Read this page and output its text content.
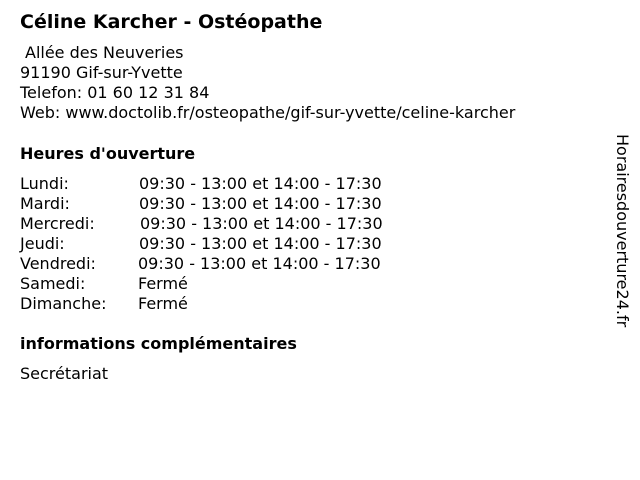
Céline Karcher - Ostéopathe
Allée des Neuveries
91190 Gif-sur-Yvette
Telefon: 01 60 12 31 84
Web: www.doctolib.fr/osteopathe/gif-sur-yvette/celine-karcher
Heures d'ouverture
Lundi:	09:30 - 13:00 et 14:00 - 17:30
Mardi:	09:30 - 13:00 et 14:00 - 17:30
Mercredi:	09:30 - 13:00 et 14:00 - 17:30
Jeudi:	09:30 - 13:00 et 14:00 - 17:30
Vendredi:	09:30 - 13:00 et 14:00 - 17:30
Samedi:	Fermé
Dimanche: Fermé
informations complémentaires
Secrétariat
Horairesdouverture24.fr
